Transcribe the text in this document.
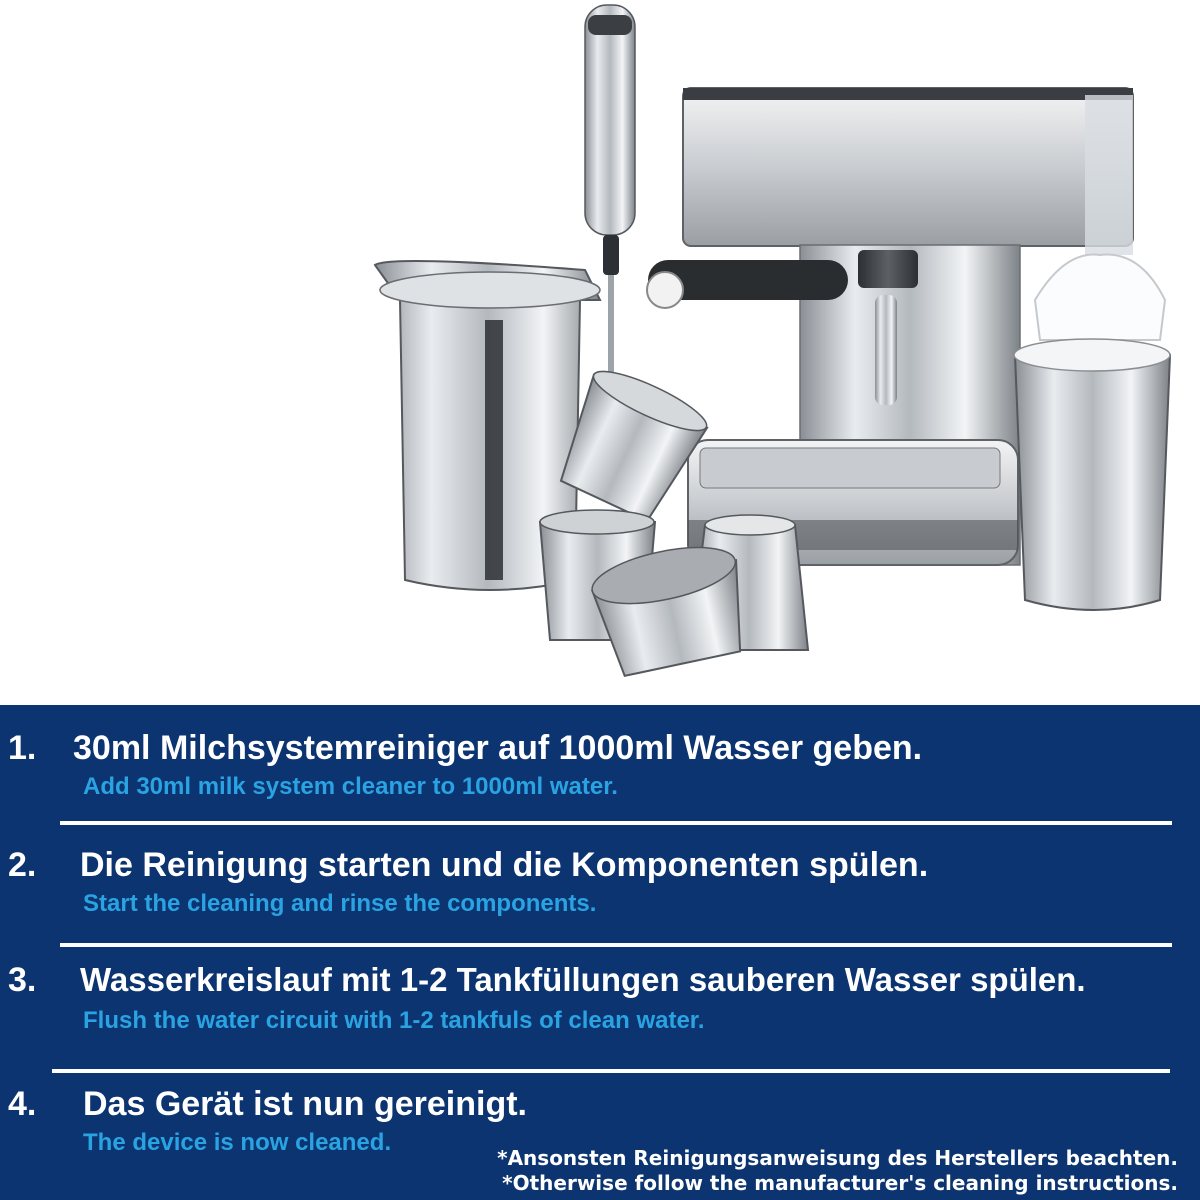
1. 30ml Milchsystemreiniger auf 1000ml Wasser geben.
Add 30ml milk system cleaner to 1000ml water.
2. Die Reinigung starten und die Komponenten spülen.
Start the cleaning and rinse the components.
3. Wasserkreislauf mit 1-2 Tankfüllungen sauberen Wasser spülen.
Flush the water circuit with 1-2 tankfuls of clean water.
4. Das Gerät ist nun gereinigt.
The device is now cleaned.
*Ansonsten Reinigungsanweisung des Herstellers beachten.
*Otherwise follow the manufacturer's cleaning instructions.
